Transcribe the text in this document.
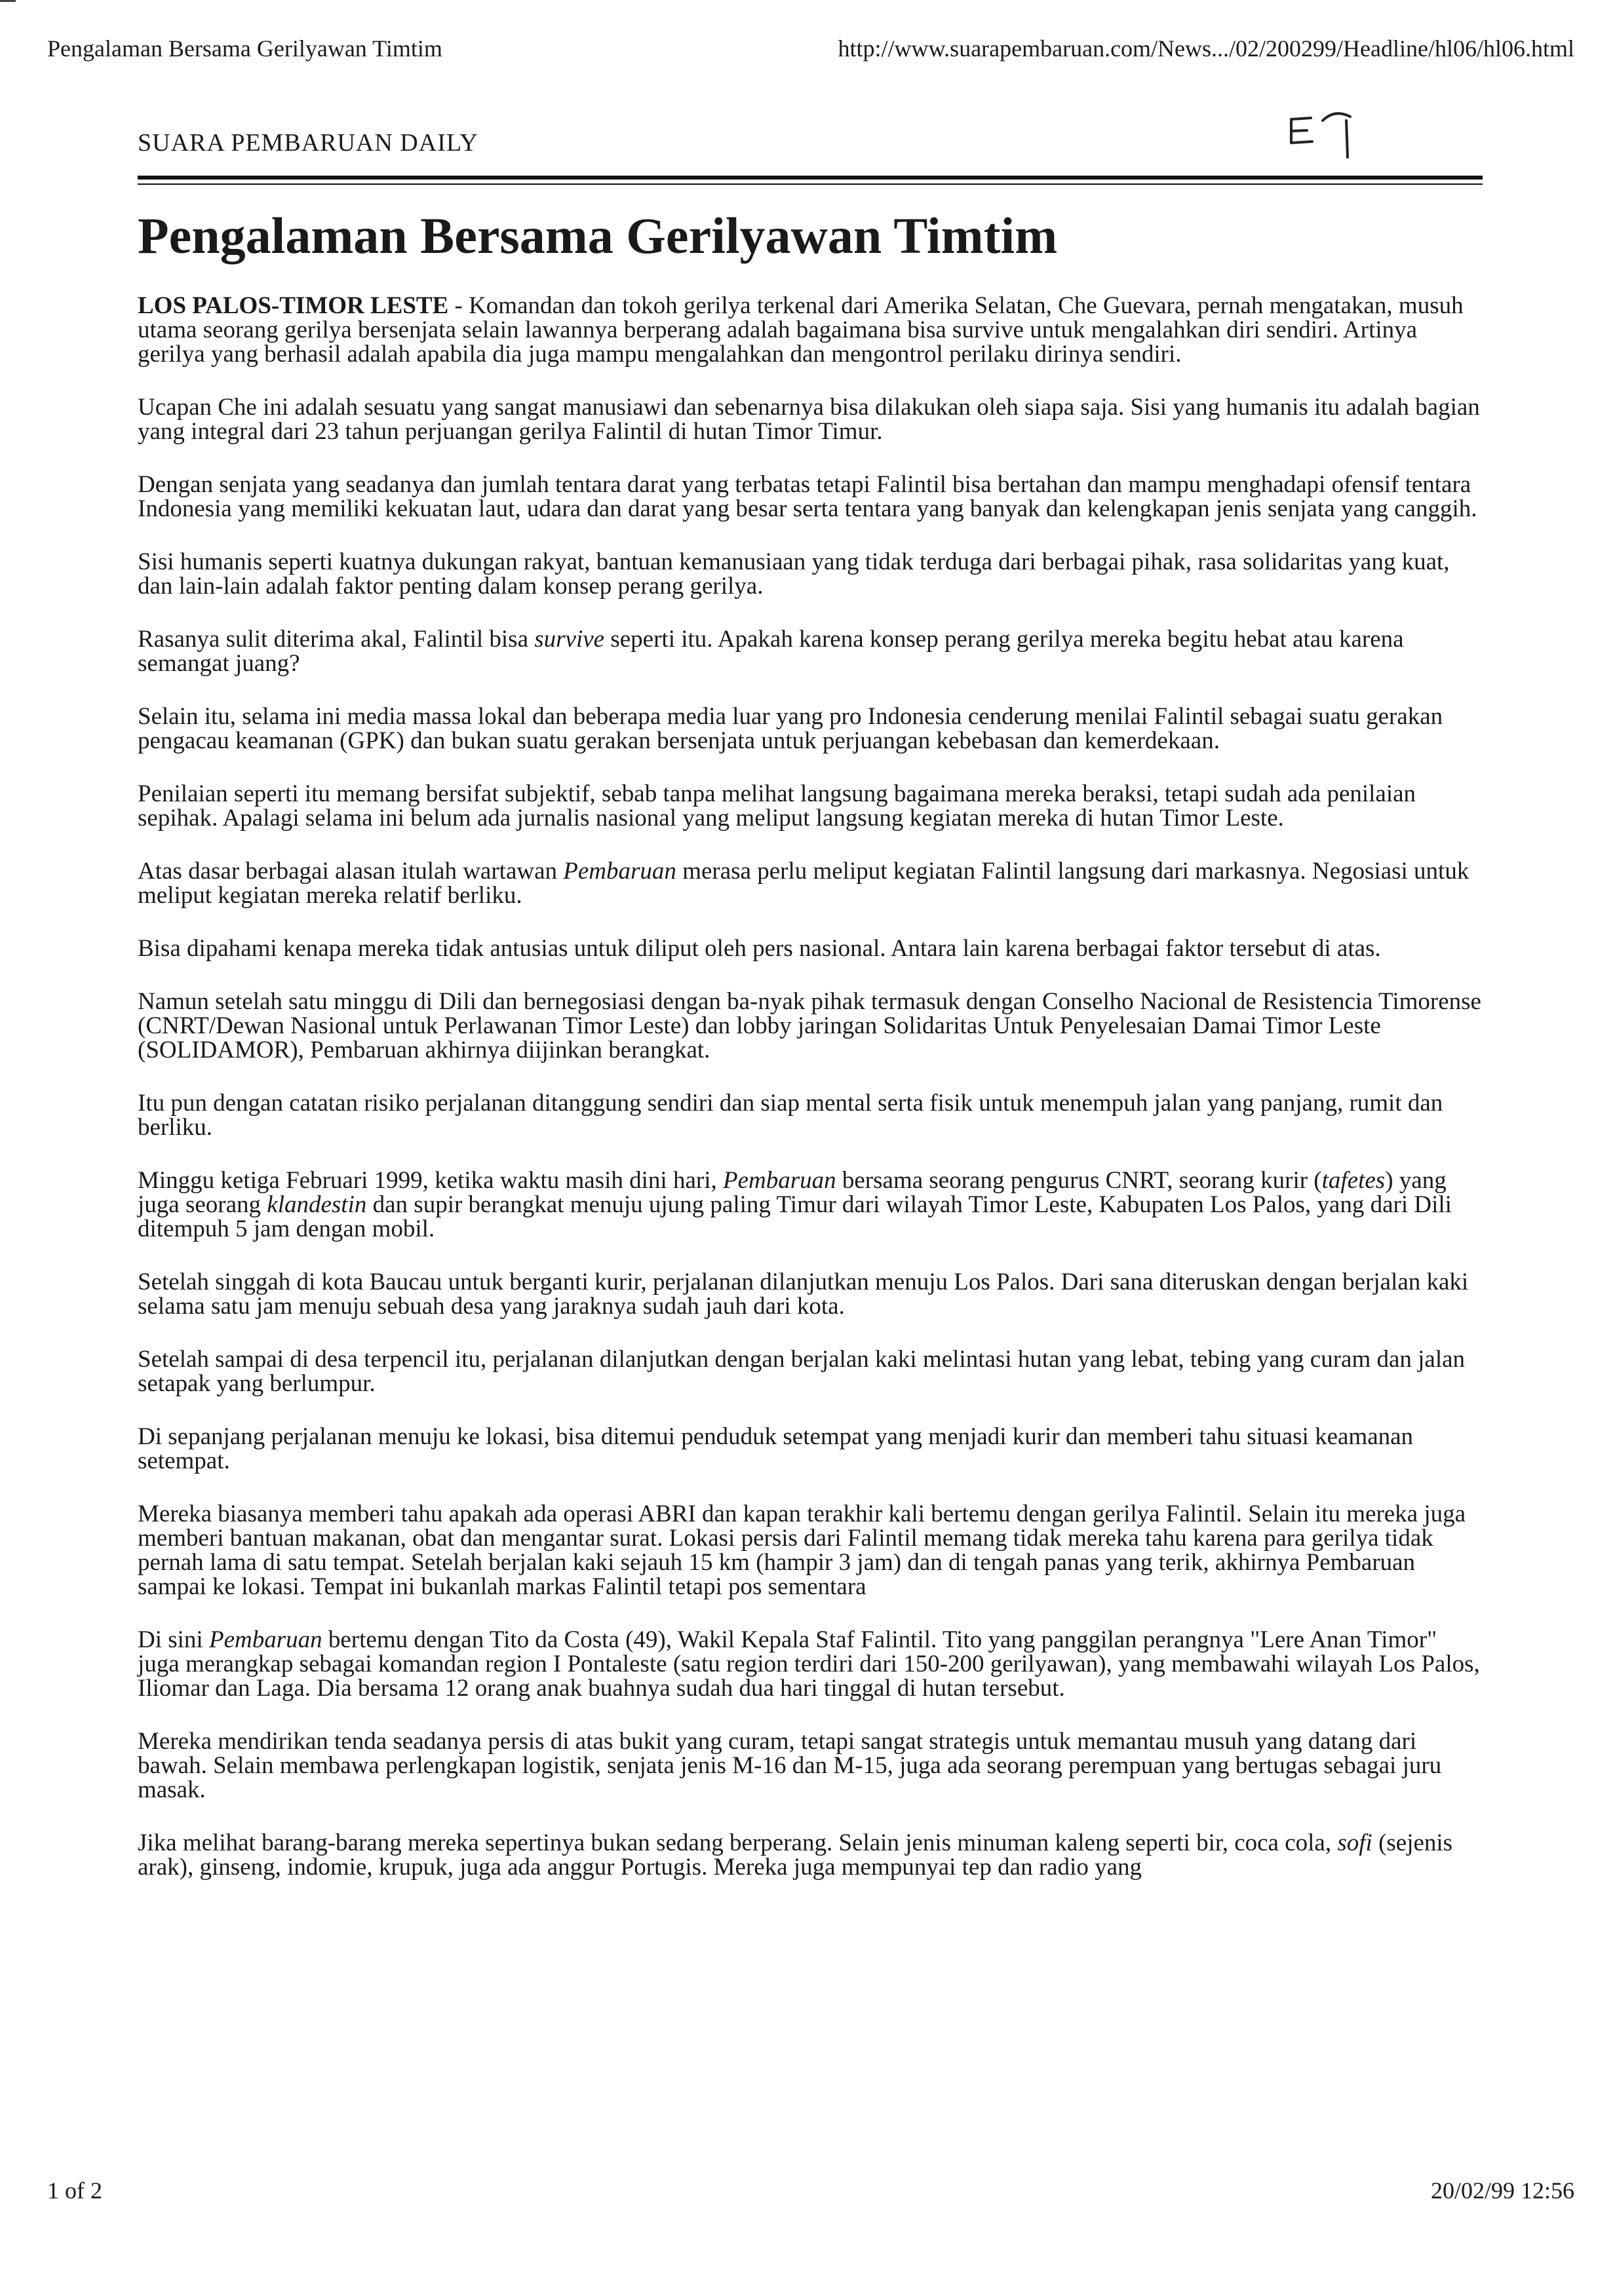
Pengalaman Bersama Gerilyawan Timtim	http://www.suarapembaruan.com/News.../02/200299/Headline/hl06/hl06.html
SUARA PEMBARUAN DAILY
Pengalaman Bersama Gerilyawan Timtim

LOS PALOS-TIMOR LESTE - Komandan dan tokoh gerilya terkenal dari Amerika Selatan, Che Guevara, pernah mengatakan, musuh utama seorang gerilya bersenjata selain lawannya berperang adalah bagaimana bisa survive untuk mengalahkan diri sendiri. Artinya gerilya yang berhasil adalah apabila dia juga mampu mengalahkan dan mengontrol perilaku dirinya sendiri.

Ucapan Che ini adalah sesuatu yang sangat manusiawi dan sebenarnya bisa dilakukan oleh siapa saja. Sisi yang humanis itu adalah bagian yang integral dari 23 tahun perjuangan gerilya Falintil di hutan Timor Timur.

Dengan senjata yang seadanya dan jumlah tentara darat yang terbatas tetapi Falintil bisa bertahan dan mampu menghadapi ofensif tentara Indonesia yang memiliki kekuatan laut, udara dan darat yang besar serta tentara yang banyak dan kelengkapan jenis senjata yang canggih.

Sisi humanis seperti kuatnya dukungan rakyat, bantuan kemanusiaan yang tidak terduga dari berbagai pihak, rasa solidaritas yang kuat, dan lain-lain adalah faktor penting dalam konsep perang gerilya.

Rasanya sulit diterima akal, Falintil bisa survive seperti itu. Apakah karena konsep perang gerilya mereka begitu hebat atau karena semangat juang?

Selain itu, selama ini media massa lokal dan beberapa media luar yang pro Indonesia cenderung menilai Falintil sebagai suatu gerakan pengacau keamanan (GPK) dan bukan suatu gerakan bersenjata untuk perjuangan kebebasan dan kemerdekaan.

Penilaian seperti itu memang bersifat subjektif, sebab tanpa melihat langsung bagaimana mereka beraksi, tetapi sudah ada penilaian sepihak. Apalagi selama ini belum ada jurnalis nasional yang meliput langsung kegiatan mereka di hutan Timor Leste.

Atas dasar berbagai alasan itulah wartawan Pembaruan merasa perlu meliput kegiatan Falintil langsung dari markasnya. Negosiasi untuk meliput kegiatan mereka relatif berliku.

Bisa dipahami kenapa mereka tidak antusias untuk diliput oleh pers nasional. Antara lain karena berbagai faktor tersebut di atas.

Namun setelah satu minggu di Dili dan bernegosiasi dengan ba-nyak pihak termasuk dengan Conselho Nacional de Resistencia Timorense (CNRT/Dewan Nasional untuk Perlawanan Timor Leste) dan lobby jaringan Solidaritas Untuk Penyelesaian Damai Timor Leste (SOLIDAMOR), Pembaruan akhirnya diijinkan berangkat.

Itu pun dengan catatan risiko perjalanan ditanggung sendiri dan siap mental serta fisik untuk menempuh jalan yang panjang, rumit dan berliku.

Minggu ketiga Februari 1999, ketika waktu masih dini hari, Pembaruan bersama seorang pengurus CNRT, seorang kurir (tafetes) yang juga seorang klandestin dan supir berangkat menuju ujung paling Timur dari wilayah Timor Leste, Kabupaten Los Palos, yang dari Dili ditempuh 5 jam dengan mobil.

Setelah singgah di kota Baucau untuk berganti kurir, perjalanan dilanjutkan menuju Los Palos. Dari sana diteruskan dengan berjalan kaki selama satu jam menuju sebuah desa yang jaraknya sudah jauh dari kota.

Setelah sampai di desa terpencil itu, perjalanan dilanjutkan dengan berjalan kaki melintasi hutan yang lebat, tebing yang curam dan jalan setapak yang berlumpur.

Di sepanjang perjalanan menuju ke lokasi, bisa ditemui penduduk setempat yang menjadi kurir dan memberi tahu situasi keamanan setempat.

Mereka biasanya memberi tahu apakah ada operasi ABRI dan kapan terakhir kali bertemu dengan gerilya Falintil. Selain itu mereka juga memberi bantuan makanan, obat dan mengantar surat. Lokasi persis dari Falintil memang tidak mereka tahu karena para gerilya tidak pernah lama di satu tempat. Setelah berjalan kaki sejauh 15 km (hampir 3 jam) dan di tengah panas yang terik, akhirnya Pembaruan sampai ke lokasi. Tempat ini bukanlah markas Falintil tetapi pos sementara

Di sini Pembaruan bertemu dengan Tito da Costa (49), Wakil Kepala Staf Falintil. Tito yang panggilan perangnya "Lere Anan Timor" juga merangkap sebagai komandan region I Pontaleste (satu region terdiri dari 150-200 gerilyawan), yang membawahi wilayah Los Palos, Iliomar dan Laga. Dia bersama 12 orang anak buahnya sudah dua hari tinggal di hutan tersebut.

Mereka mendirikan tenda seadanya persis di atas bukit yang curam, tetapi sangat strategis untuk memantau musuh yang datang dari bawah. Selain membawa perlengkapan logistik, senjata jenis M-16 dan M-15, juga ada seorang perempuan yang bertugas sebagai juru masak.

Jika melihat barang-barang mereka sepertinya bukan sedang berperang. Selain jenis minuman kaleng seperti bir, coca cola, sofi (sejenis arak), ginseng, indomie, krupuk, juga ada anggur Portugis. Mereka juga mempunyai tep dan radio yang

1 of 2	20/02/99 12:56
